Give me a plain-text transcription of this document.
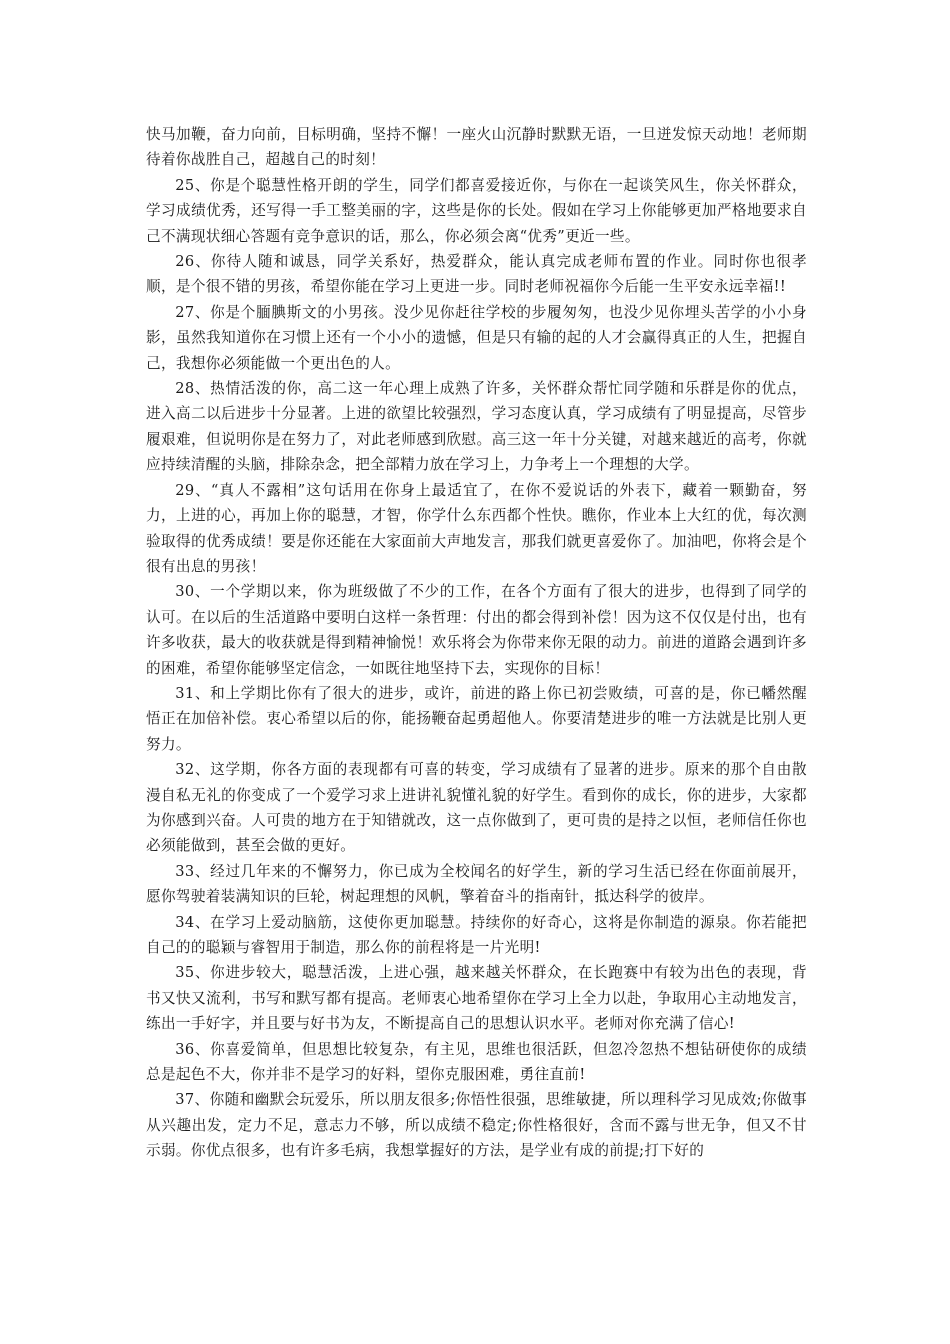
快马加鞭，奋力向前，目标明确，坚持不懈！一座火山沉静时默默无语，一旦迸发惊天动地！老师期待着你战胜自己，超越自己的时刻！

25、你是个聪慧性格开朗的学生，同学们都喜爱接近你，与你在一起谈笑风生，你关怀群众，学习成绩优秀，还写得一手工整美丽的字，这些是你的长处。假如在学习上你能够更加严格地要求自己不满现状细心答题有竞争意识的话，那么，你必须会离“优秀”更近一些。

26、你待人随和诚恳，同学关系好，热爱群众，能认真完成老师布置的作业。同时你也很孝顺，是个很不错的男孩，希望你能在学习上更进一步。同时老师祝福你今后能一生平安永远幸福!!

27、你是个腼腆斯文的小男孩。没少见你赶往学校的步履匆匆，也没少见你埋头苦学的小小身影，虽然我知道你在习惯上还有一个小小的遗憾，但是只有输的起的人才会赢得真正的人生，把握自己，我想你必须能做一个更出色的人。

28、热情活泼的你，高二这一年心理上成熟了许多，关怀群众帮忙同学随和乐群是你的优点，进入高二以后进步十分显著。上进的欲望比较强烈，学习态度认真，学习成绩有了明显提高，尽管步履艰难，但说明你是在努力了，对此老师感到欣慰。高三这一年十分关键，对越来越近的高考，你就应持续清醒的头脑，排除杂念，把全部精力放在学习上，力争考上一个理想的大学。

29、“真人不露相”这句话用在你身上最适宜了，在你不爱说话的外表下，藏着一颗勤奋，努力，上进的心，再加上你的聪慧，才智，你学什么东西都个性快。瞧你，作业本上大红的优，每次测验取得的优秀成绩！要是你还能在大家面前大声地发言，那我们就更喜爱你了。加油吧，你将会是个很有出息的男孩！

30、一个学期以来，你为班级做了不少的工作，在各个方面有了很大的进步，也得到了同学的认可。在以后的生活道路中要明白这样一条哲理：付出的都会得到补偿！因为这不仅仅是付出，也有许多收获，最大的收获就是得到精神愉悦！欢乐将会为你带来你无限的动力。前进的道路会遇到许多的困难，希望你能够坚定信念，一如既往地坚持下去，实现你的目标！

31、和上学期比你有了很大的进步，或许，前进的路上你已初尝败绩，可喜的是，你已幡然醒悟正在加倍补偿。衷心希望以后的你，能扬鞭奋起勇超他人。你要清楚进步的唯一方法就是比别人更努力。

32、这学期，你各方面的表现都有可喜的转变，学习成绩有了显著的进步。原来的那个自由散漫自私无礼的你变成了一个爱学习求上进讲礼貌懂礼貌的好学生。看到你的成长，你的进步，大家都为你感到兴奋。人可贵的地方在于知错就改，这一点你做到了，更可贵的是持之以恒，老师信任你也必须能做到，甚至会做的更好。

33、经过几年来的不懈努力，你已成为全校闻名的好学生，新的学习生活已经在你面前展开，愿你驾驶着装满知识的巨轮，树起理想的风帆，擎着奋斗的指南针，抵达科学的彼岸。

34、在学习上爱动脑筋，这使你更加聪慧。持续你的好奇心，这将是你制造的源泉。你若能把自己的的聪颖与睿智用于制造，那么你的前程将是一片光明!

35、你进步较大，聪慧活泼，上进心强，越来越关怀群众，在长跑赛中有较为出色的表现，背书又快又流利，书写和默写都有提高。老师衷心地希望你在学习上全力以赴，争取用心主动地发言，练出一手好字，并且要与好书为友，不断提高自己的思想认识水平。老师对你充满了信心!

36、你喜爱简单，但思想比较复杂，有主见，思维也很活跃，但忽冷忽热不想钻研使你的成绩总是起色不大，你并非不是学习的好料，望你克服困难，勇往直前!

37、你随和幽默会玩爱乐，所以朋友很多;你悟性很强，思维敏捷，所以理科学习见成效;你做事从兴趣出发，定力不足，意志力不够，所以成绩不稳定;你性格很好，含而不露与世无争，但又不甘示弱。你优点很多，也有许多毛病，我想掌握好的方法，是学业有成的前提;打下好的
